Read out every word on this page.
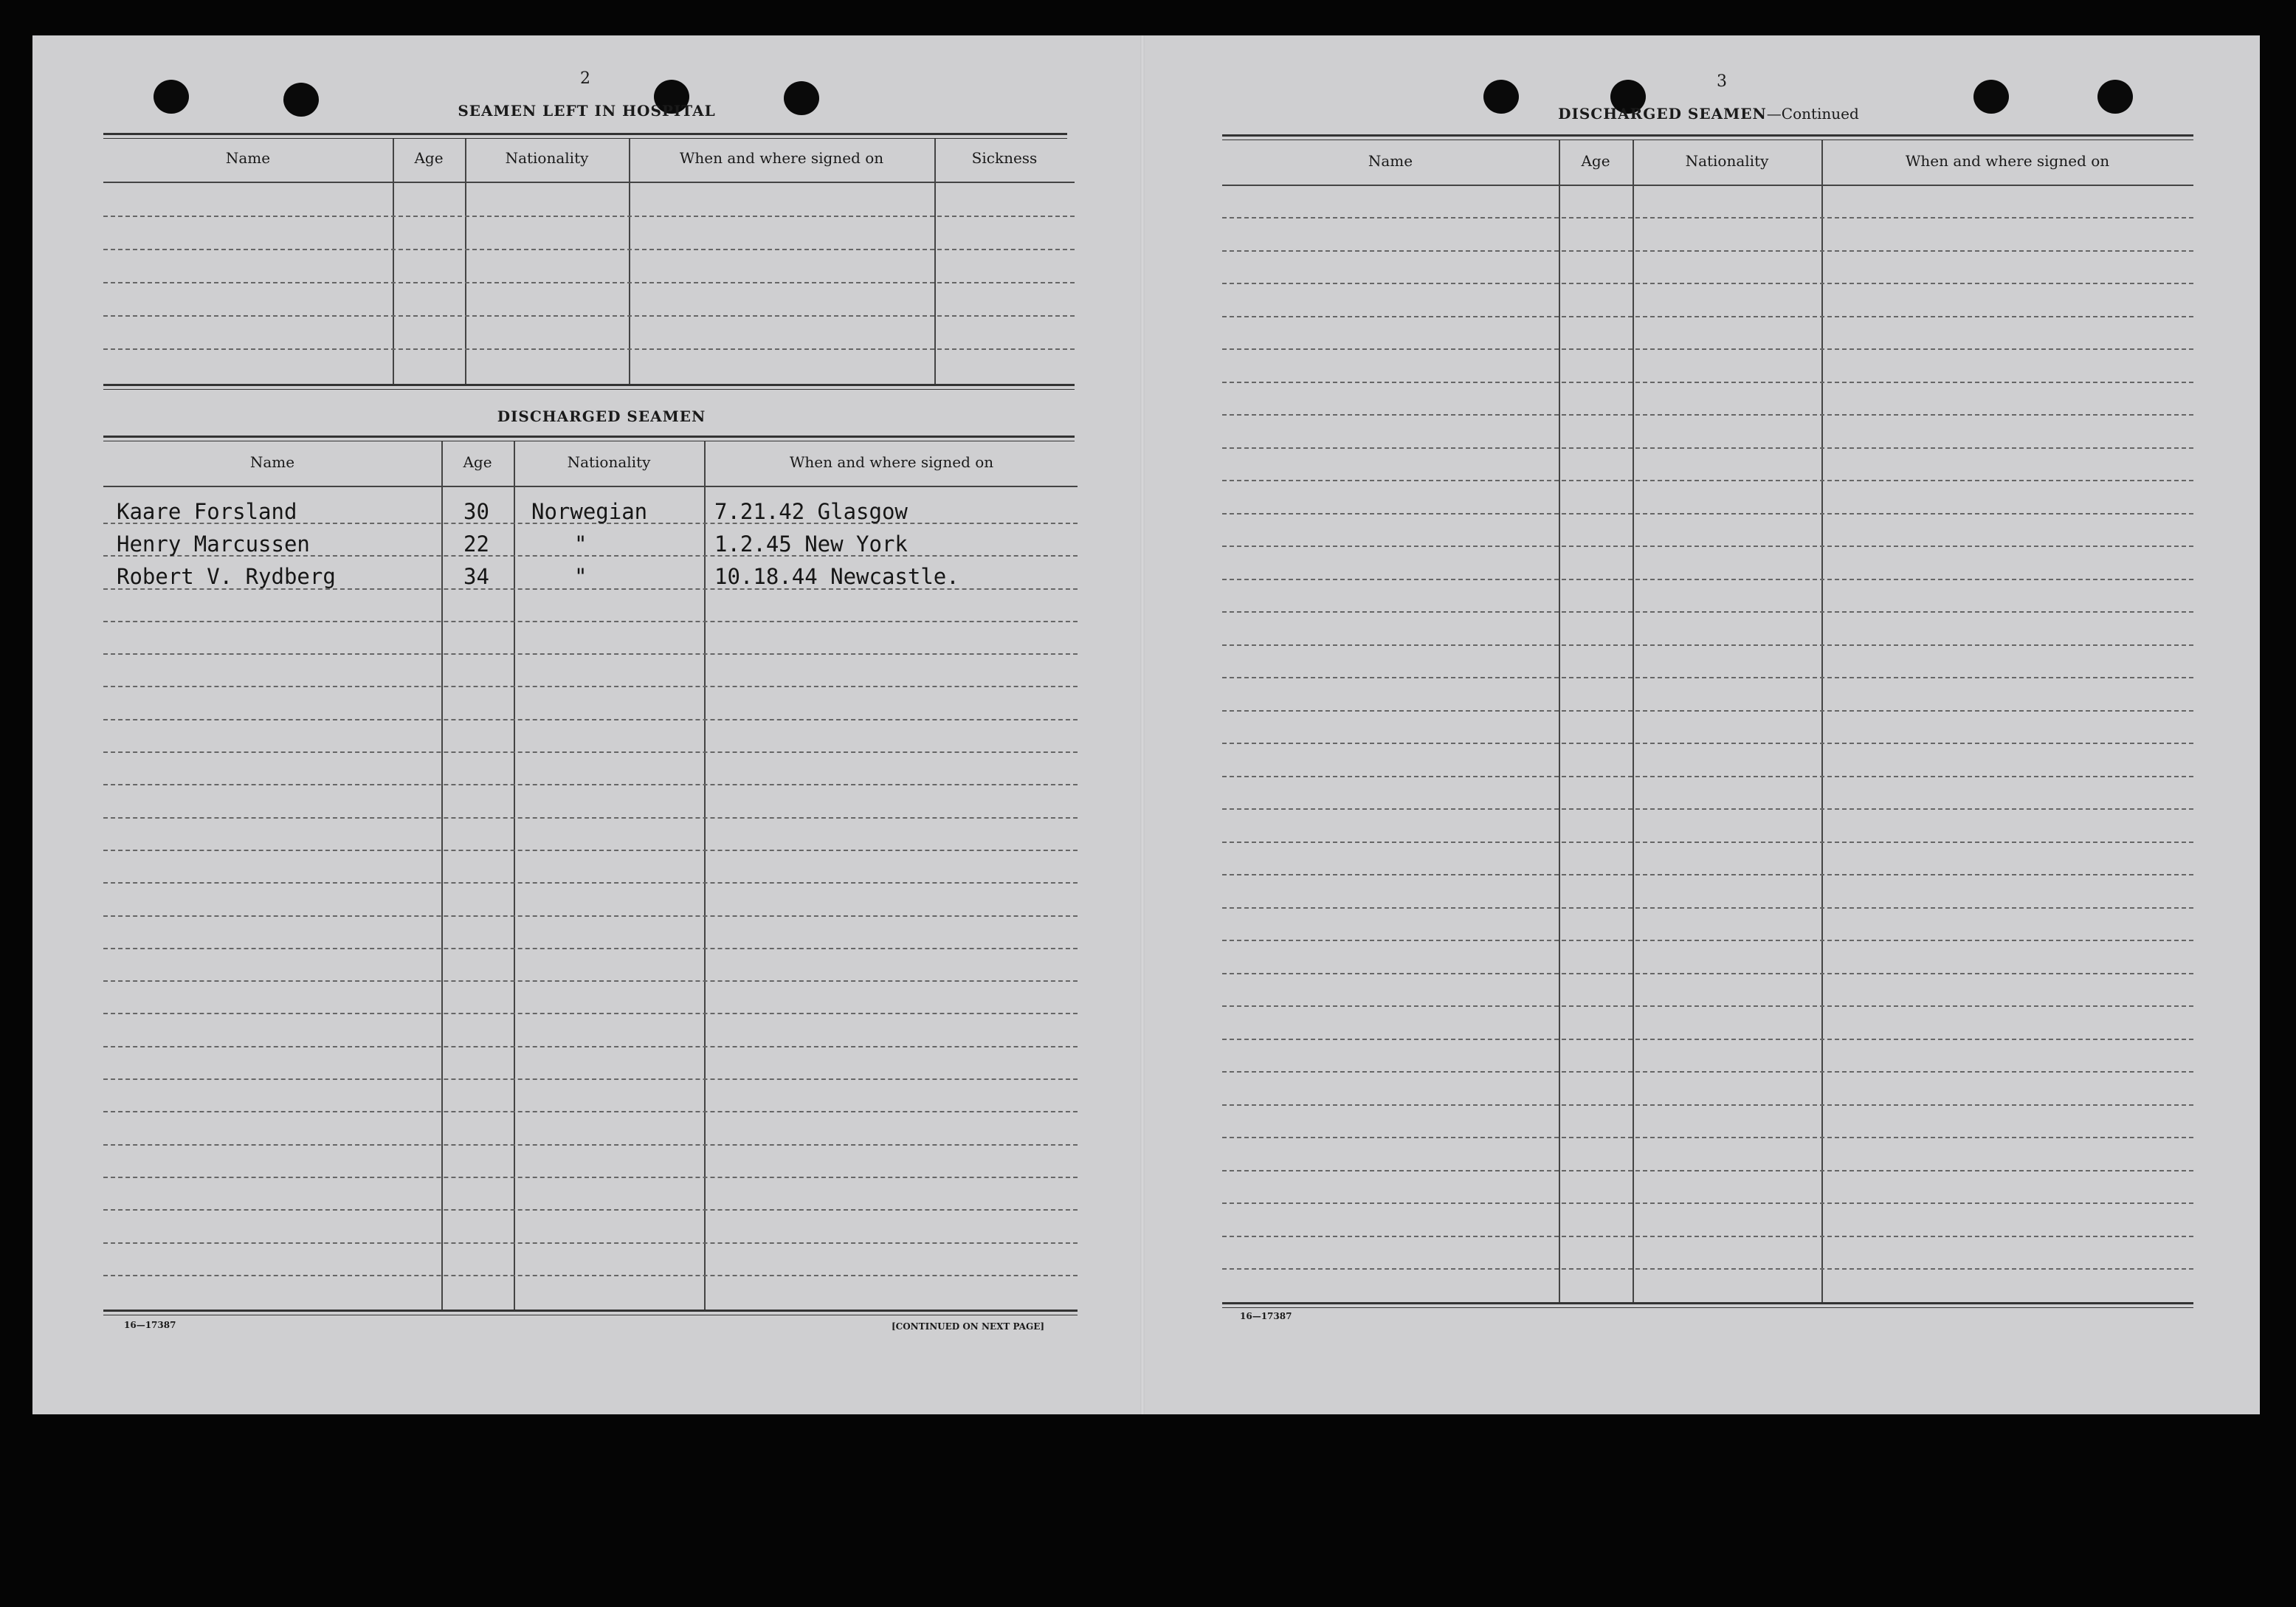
2
SEAMEN LEFT IN HOSPITAL
Name	Age	Nationality	When and where signed on	Sickness
DISCHARGED SEAMEN
Name	Age	Nationality	When and where signed on
Kaare Forsland	30 Norwegian	7.21.42 Glasgow
Henry Marcussen	22	"	1.2.45 New York
Robert V. Rydberg	34	"	10.18.44 Newcastle.
16—17387	[CONTINUED ON NEXT PAGE]
3
DISCHARGED SEAMEN—Continued
Name	Age	Nationality	When and where signed on
16—17387
